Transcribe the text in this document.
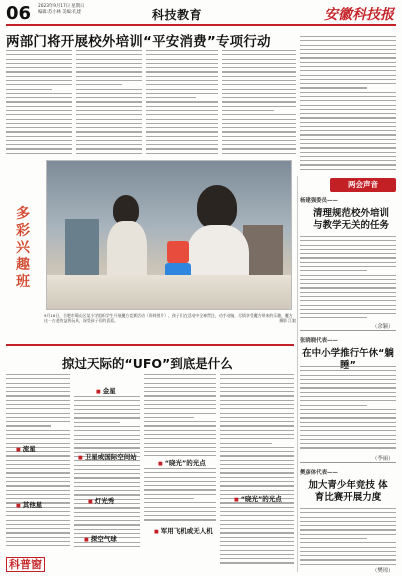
06 2023年9月17日 星期日
编辑:苏小林 美编:孔建	科技教育	安徽科技报
两部门将开展校外培训“平安消费”专项行动
多
彩
兴
趣
班
9月16日，合肥市蜀山区某小学组织学生开展魔方竞赛活动（资料图片），孩子们在活动中全神贯注，动手动脑，尽情享受魔方带来的乐趣。魔方这一古老的益智玩具，深受孩子们的喜爱。	摄影 江毅
两会声音
杨建强委员——
清理规范校外培训 与教学无关的任务
（余颖）
张晓晓代表——
在中小学推行午休“躺
（李丽）
樊彦体代表——
加大青少年竞技 体育比赛开展力度
（樊琼）
掠过天际的“UFO”到底是什么
■ 金星
■ 流星
■ 其他星
■ 卫星或国际空间站
■ “晓光”的光点
■ 灯光秀
■ 探空气球
■ 军用飞机或无人机
■ “晓光”的光点
科普窗
